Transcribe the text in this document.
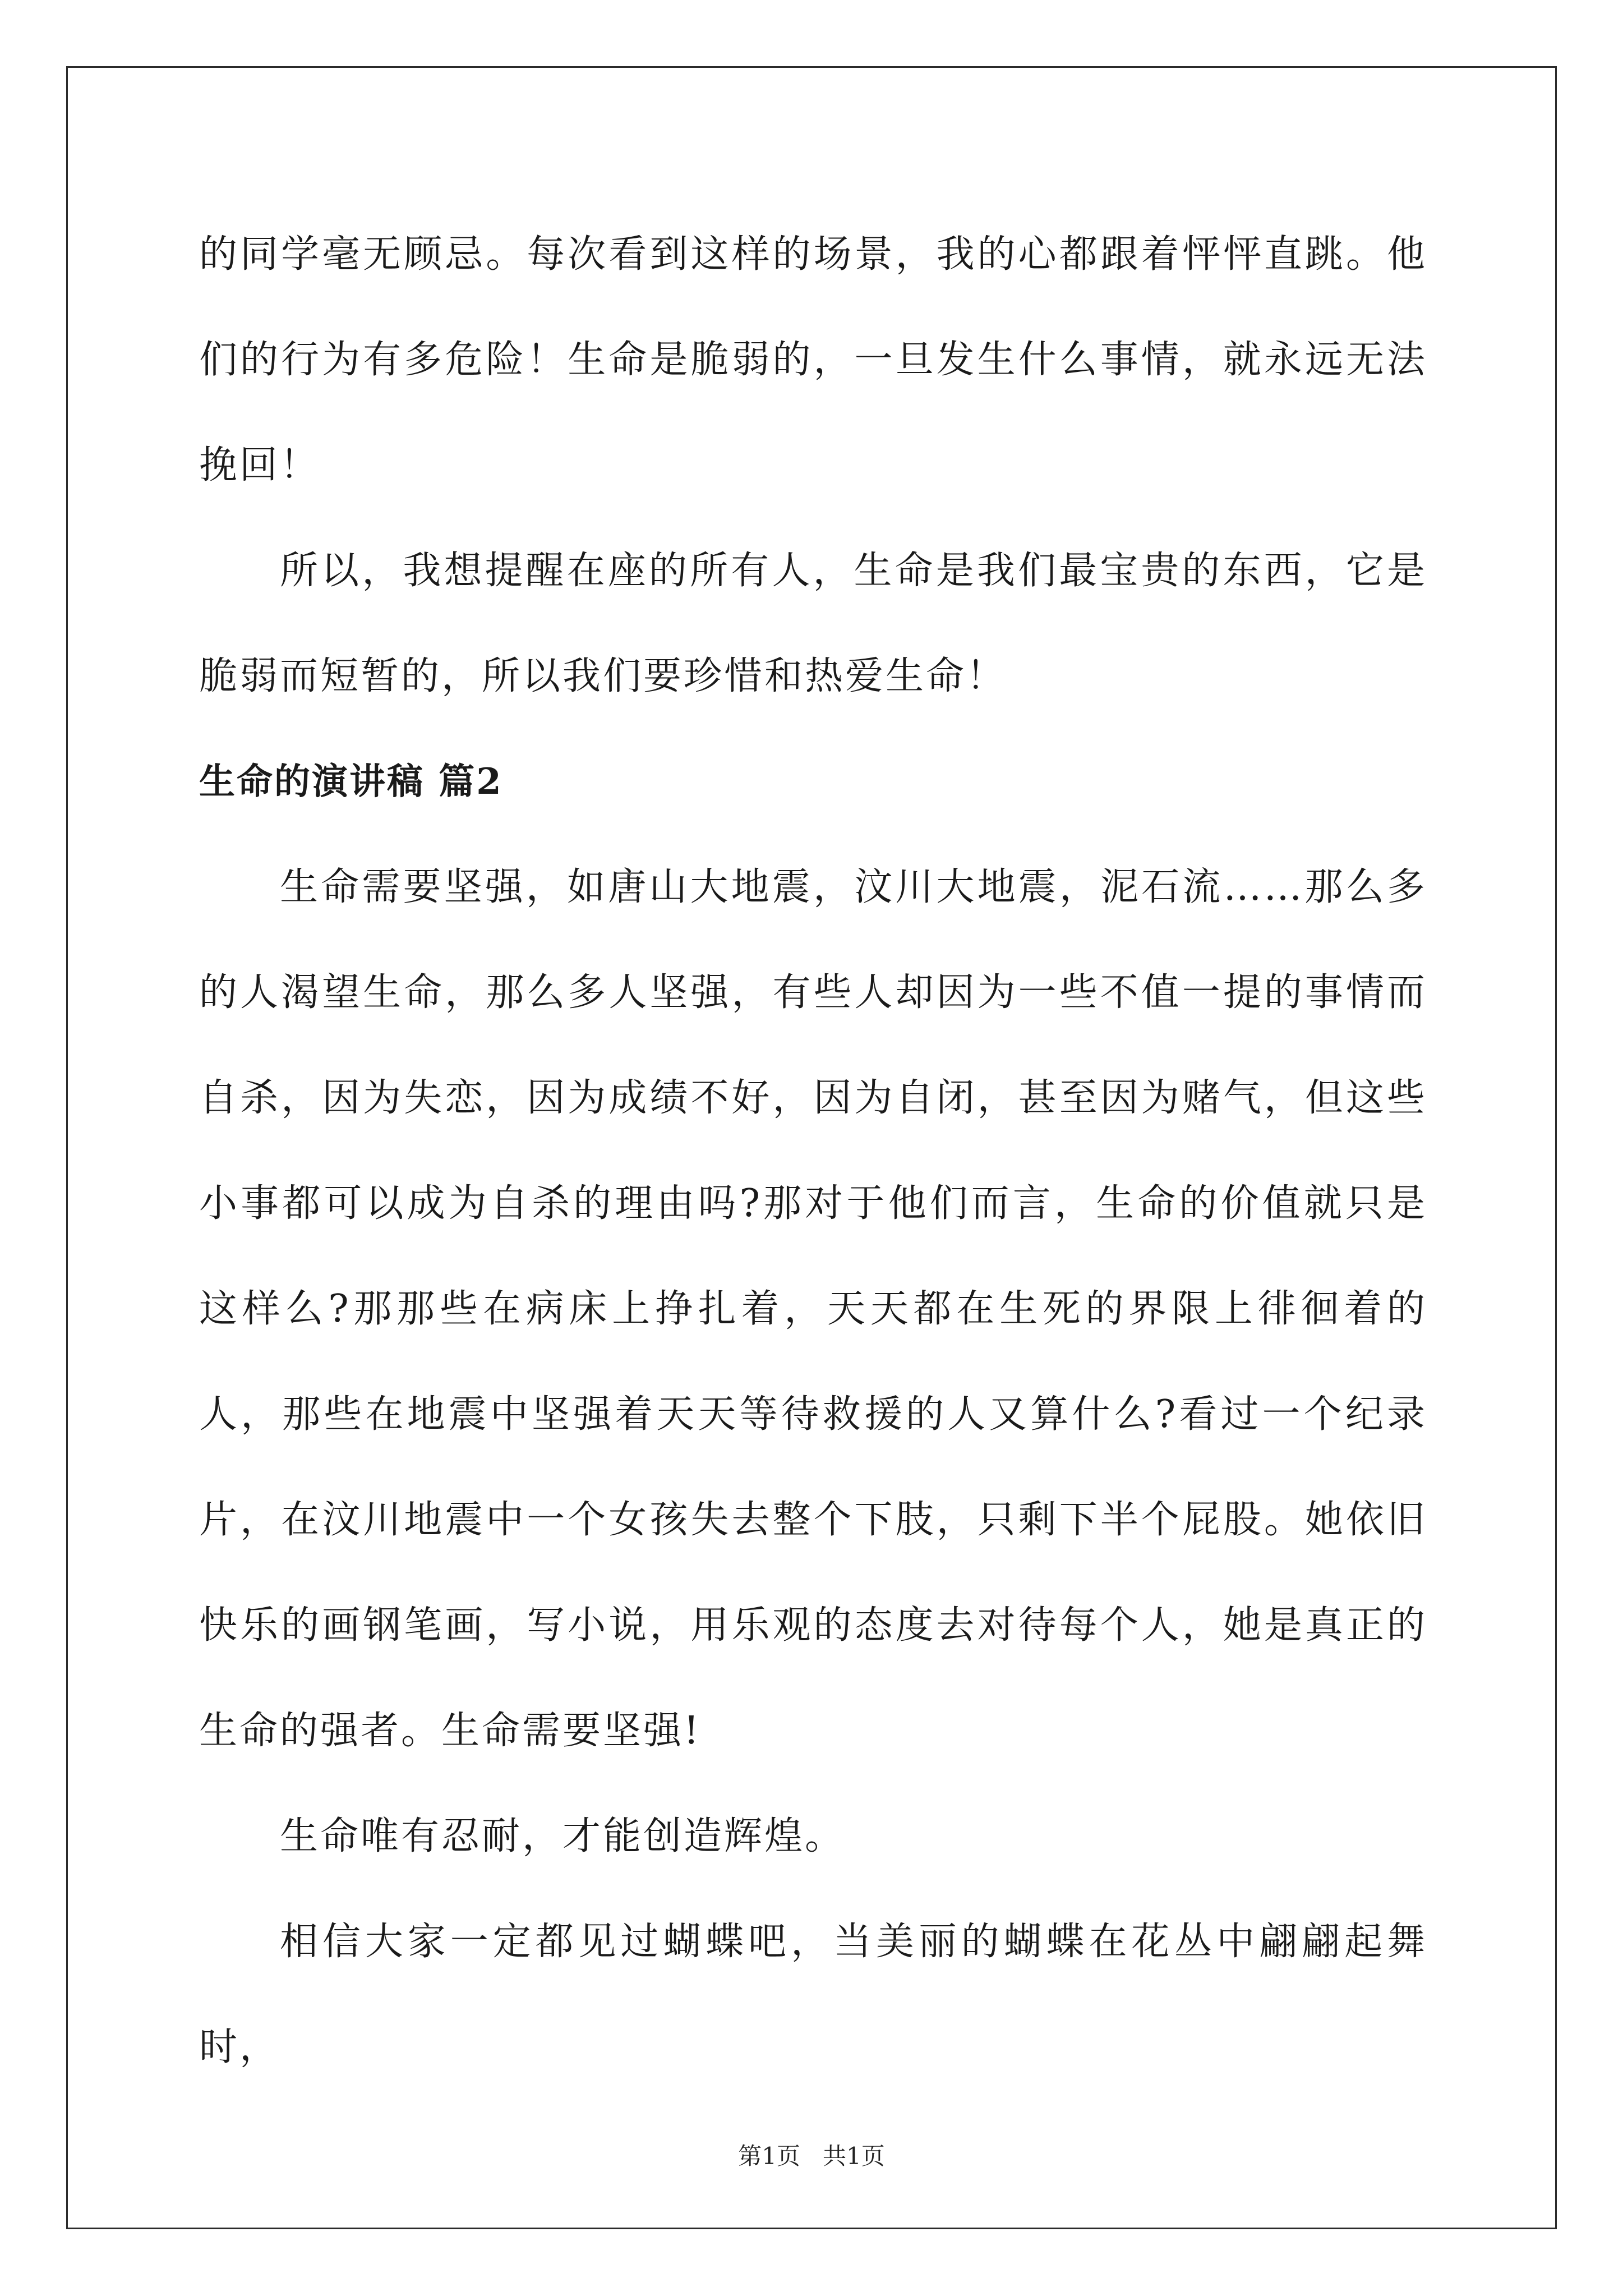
的同学毫无顾忌。每次看到这样的场景，我的心都跟着怦怦直跳。他们的行为有多危险！生命是脆弱的，一旦发生什么事情，就永远无法挽回！

所以，我想提醒在座的所有人，生命是我们最宝贵的东西，它是脆弱而短暂的，所以我们要珍惜和热爱生命！

生命的演讲稿 篇2

生命需要坚强，如唐山大地震，汶川大地震，泥石流……那么多的人渴望生命，那么多人坚强，有些人却因为一些不值一提的事情而自杀，因为失恋，因为成绩不好，因为自闭，甚至因为赌气，但这些小事都可以成为自杀的理由吗?那对于他们而言，生命的价值就只是这样么?那那些在病床上挣扎着，天天都在生死的界限上徘徊着的人，那些在地震中坚强着天天等待救援的人又算什么?看过一个纪录片，在汶川地震中一个女孩失去整个下肢，只剩下半个屁股。她依旧快乐的画钢笔画，写小说，用乐观的态度去对待每个人，她是真正的生命的强者。生命需要坚强!

生命唯有忍耐，才能创造辉煌。

相信大家一定都见过蝴蝶吧，当美丽的蝴蝶在花丛中翩翩起舞时，

第1页 共1页
